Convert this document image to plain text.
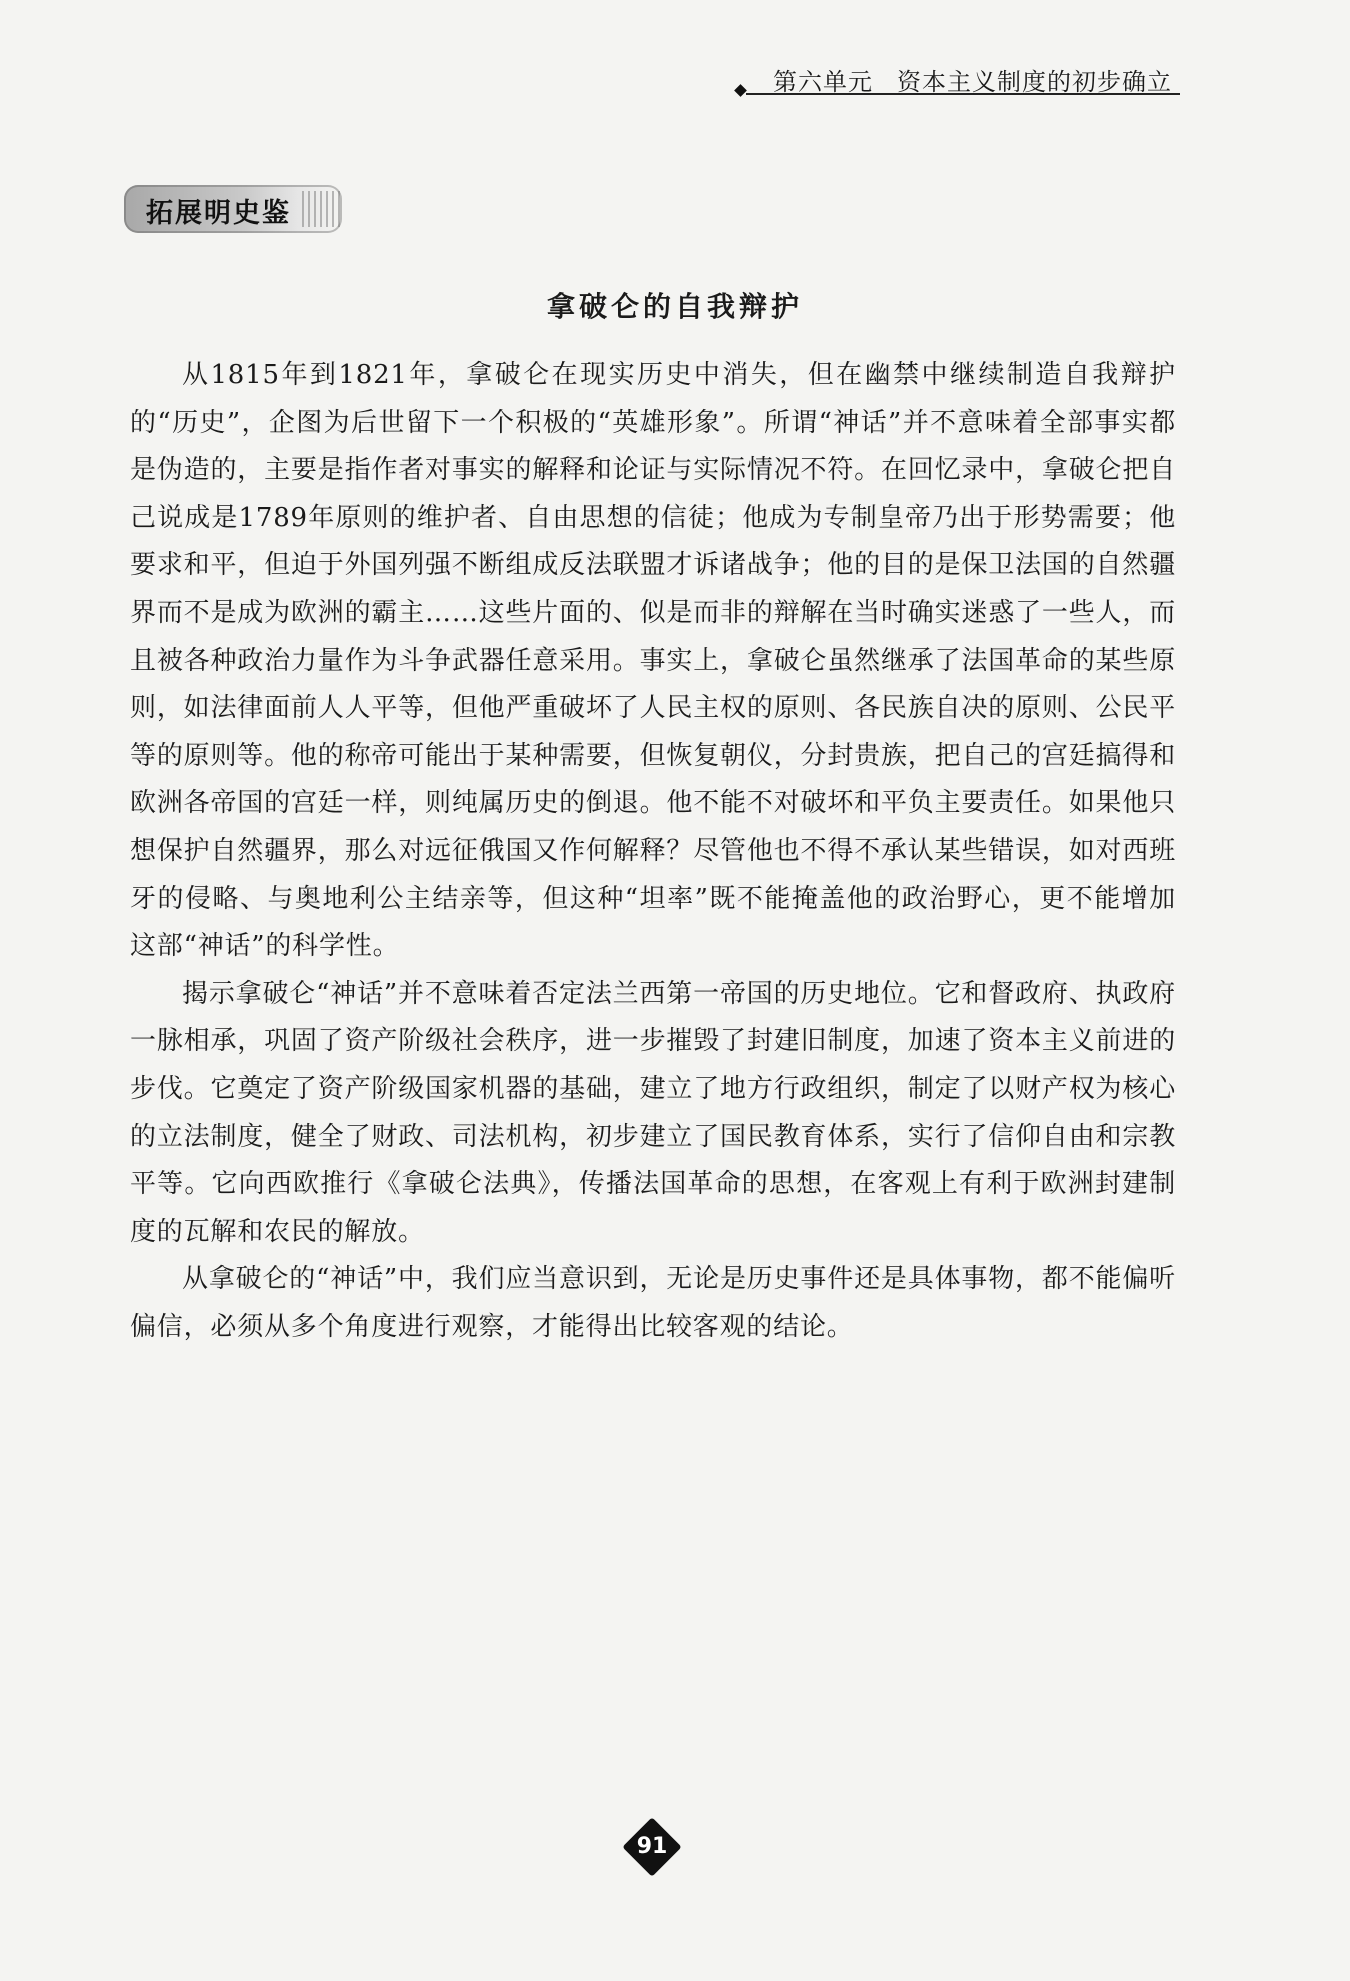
第六单元 资本主义制度的初步确立
拓展明史鉴
拿破仑的自我辩护

从1815年到1821年，拿破仑在现实历史中消失，但在幽禁中继续制造自我辩护的“历史”，企图为后世留下一个积极的“英雄形象”。所谓“神话”并不意味着全部事实都是伪造的，主要是指作者对事实的解释和论证与实际情况不符。在回忆录中，拿破仑把自己说成是1789年原则的维护者、自由思想的信徒；他成为专制皇帝乃出于形势需要；他要求和平，但迫于外国列强不断组成反法联盟才诉诸战争；他的目的是保卫法国的自然疆界而不是成为欧洲的霸主……这些片面的、似是而非的辩解在当时确实迷惑了一些人，而且被各种政治力量作为斗争武器任意采用。事实上，拿破仑虽然继承了法国革命的某些原则，如法律面前人人平等，但他严重破坏了人民主权的原则、各民族自决的原则、公民平等的原则等。他的称帝可能出于某种需要，但恢复朝仪，分封贵族，把自己的宫廷搞得和欧洲各帝国的宫廷一样，则纯属历史的倒退。他不能不对破坏和平负主要责任。如果他只想保护自然疆界，那么对远征俄国又作何解释？尽管他也不得不承认某些错误，如对西班牙的侵略、与奥地利公主结亲等，但这种“坦率”既不能掩盖他的政治野心，更不能增加这部“神话”的科学性。

揭示拿破仑“神话”并不意味着否定法兰西第一帝国的历史地位。它和督政府、执政府一脉相承，巩固了资产阶级社会秩序，进一步摧毁了封建旧制度，加速了资本主义前进的步伐。它奠定了资产阶级国家机器的基础，建立了地方行政组织，制定了以财产权为核心的立法制度，健全了财政、司法机构，初步建立了国民教育体系，实行了信仰自由和宗教平等。它向西欧推行《拿破仑法典》，传播法国革命的思想，在客观上有利于欧洲封建制度的瓦解和农民的解放。

从拿破仑的“神话”中，我们应当意识到，无论是历史事件还是具体事物，都不能偏听偏信，必须从多个角度进行观察，才能得出比较客观的结论。

91
